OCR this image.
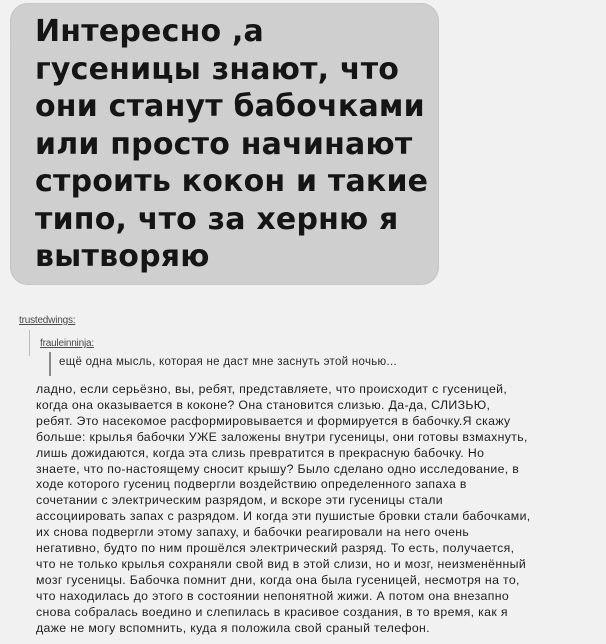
Интересно ,а
гусеницы знают, что
они станут бабочками
или просто начинают
строить кокон и такие
типо, что за херню я
вытворяю

trustedwings:
frauleinninja:

ещё одна мысль, которая не даст мне заснуть этой ночью...

ладно, если серьёзно, вы, ребят, представляете, что происходит с гусеницей,
когда она оказывается в коконе? Она становится слизью. Да-да, СЛИЗЬЮ,
ребят. Это насекомое расформировывается и формируется в бабочку.Я скажу
больше: крылья бабочки УЖЕ заложены внутри гусеницы, они готовы взмахнуть,
лишь дожидаются, когда эта слизь превратится в прекрасную бабочку. Но
знаете, что по-настоящему сносит крышу? Было сделано одно исследование, в
ходе которого гусениц подвергли воздействию определенного запаха в
сочетании с электрическим разрядом, и вскоре эти гусеницы стали
ассоциировать запах с разрядом. И когда эти пушистые бровки стали бабочками,
их снова подвергли этому запаху, и бабочки реагировали на него очень
негативно, будто по ним прошёлся электрический разряд. То есть, получается,
что не только крылья сохраняли свой вид в этой слизи, но и мозг, неизменённый
мозг гусеницы. Бабочка помнит дни, когда она была гусеницей, несмотря на то,
что находилась до этого в состоянии непонятной жижи. А потом она внезапно
снова собралась воедино и слепилась в красивое создания, в то время, как я
даже не могу вспомнить, куда я положила свой сраный телефон.
